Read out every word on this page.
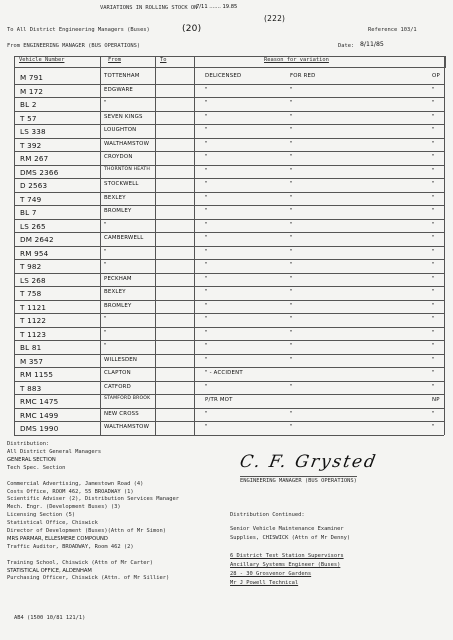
VARIATIONS IN ROLLING STOCK ON
7/11 ....... 19.85
(222)
To All District Engineering Managers (Buses)	(20)	Reference 103/1
From ENGINEERING MANAGER (BUS OPERATIONS)	Date: 8/11/85
Vehicle Number	From	To	Reason for variation
M 791	TOTTENHAM	DELICENSED	FOR RED	OP
M 172	EDGWARE	"	"	"
BL 2	"	"	"	"
T 57	SEVEN KINGS	"	"	"
LS 338	LOUGHTON	"	"	"
T 392	WALTHAMSTOW	"	"	"
RM 267	CROYDON	"	"	"
DMS 2366	THORNTON HEATH	"	"	"
D 2563	STOCKWELL	"	"	"
T 749	BEXLEY	"	"	"
BL 7	BROMLEY	"	"	"
LS 265	"	"	"	"
DM 2642	CAMBERWELL	"	"	"
RM 954	"	"	"	"
T 982	"	"	"	"
LS 268	PECKHAM	"	"	"
T 758	BEXLEY	"	"	"
T 1121	BROMLEY	"	"	"
T 1122	"	"	"	"
T 1123	"	"	"	"
BL 81	"	"	"	"
M 357	WILLESDEN	"	"	"
RM 1155	CLAPTON	" - ACCIDENT	"
T 883	CATFORD	"	"	"
RMC 1475	STAMFORD BROOK	P/TR MOT	NP
RMC 1499	NEW CROSS	"	"	"
DMS 1990	WALTHAMSTOW	"	"	"
Distribution:
All District General Managers
GENERAL SECTION
Tech Spec. Section
Commercial Advertising, Jamestown Road (4)
Costs Office, ROOM 462, 55 BROADWAY (1)
Scientific Adviser (2), Distribution Services Manager
Mech. Engr. (Development Buses) (3)
Licensing Section (5)
Statistical Office, Chiswick
Director of Development (Buses)(Attn of Mr Simon)
MRS PARMAR, ELLESMERE COMPOUND
Traffic Auditor, BROADWAY, Room 462 (2)
Training School, Chiswick (Attn of Mr Carter)
STATISTICAL OFFICE, ALDENHAM
Purchasing Officer, Chiswick (Attn. of Mr Sillier)
C. F. Grysted
ENGINEERING MANAGER (BUS OPERATIONS)
Distribution Continued:
Senior Vehicle Maintenance Examiner
Supplies, CHISWICK (Attn of Mr Denny)
6 District Test Station Supervisors
Ancillary Systems Engineer (Buses)
28 - 30 Grosvenor Gardens
Mr J Powell Technical
AB4 (1500 10/81 121/1)
